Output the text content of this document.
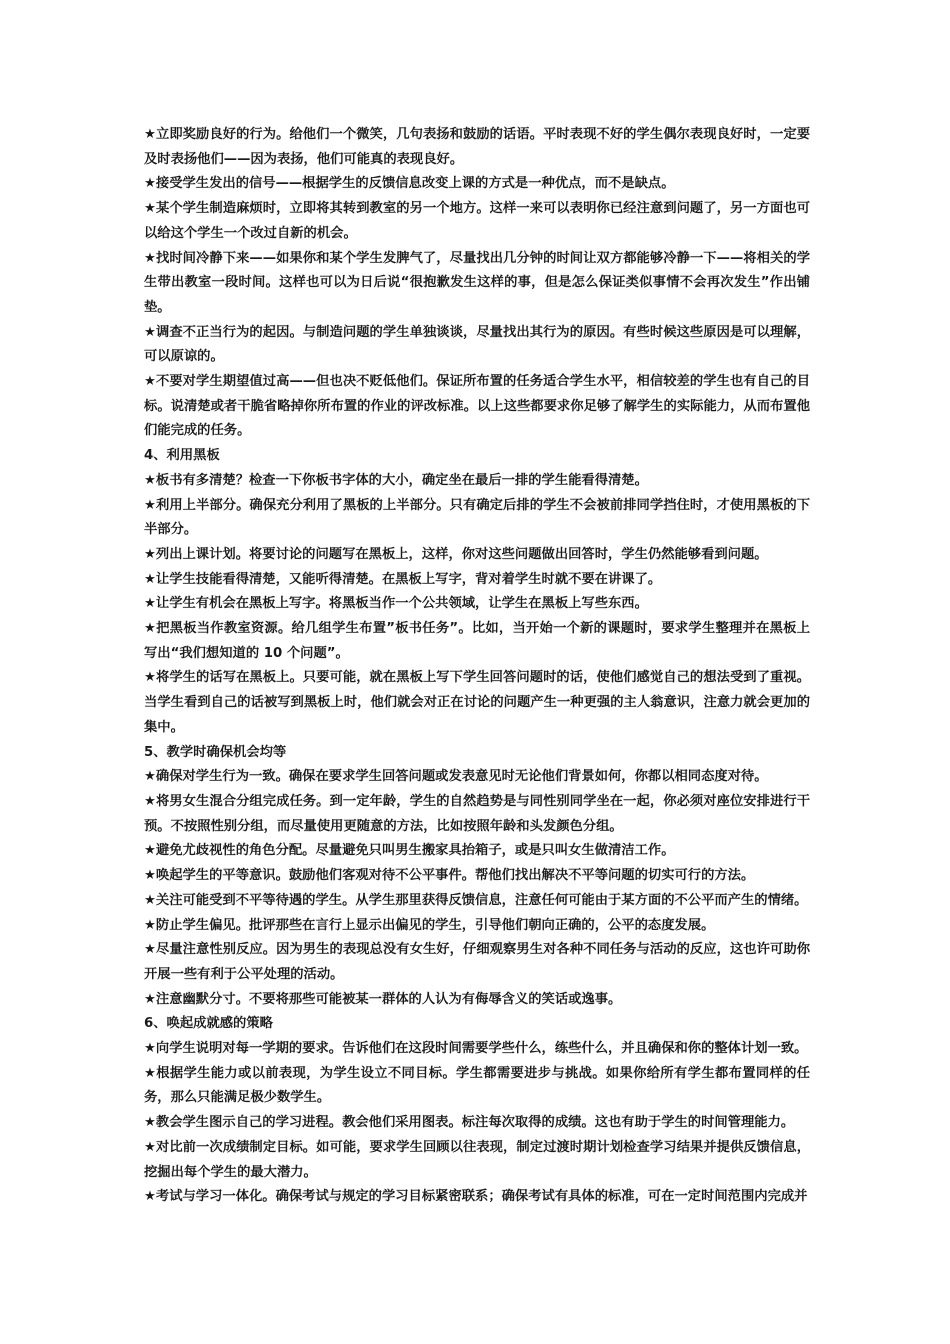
★立即奖励良好的行为。给他们一个微笑，几句表扬和鼓励的话语。平时表现不好的学生偶尔表现良好时，一定要及时表扬他们——因为表扬，他们可能真的表现良好。

★接受学生发出的信号——根据学生的反馈信息改变上课的方式是一种优点，而不是缺点。

★某个学生制造麻烦时，立即将其转到教室的另一个地方。这样一来可以表明你已经注意到问题了，另一方面也可以给这个学生一个改过自新的机会。

★找时间冷静下来——如果你和某个学生发脾气了，尽量找出几分钟的时间让双方都能够冷静一下——将相关的学生带出教室一段时间。这样也可以为日后说“很抱歉发生这样的事，但是怎么保证类似事情不会再次发生”作出铺垫。

★调查不正当行为的起因。与制造问题的学生单独谈谈，尽量找出其行为的原因。有些时候这些原因是可以理解，可以原谅的。

★不要对学生期望值过高——但也决不贬低他们。保证所布置的任务适合学生水平，相信较差的学生也有自己的目标。说清楚或者干脆省略掉你所布置的作业的评改标准。以上这些都要求你足够了解学生的实际能力，从而布置他们能完成的任务。

4、利用黑板

★板书有多清楚？检查一下你板书字体的大小，确定坐在最后一排的学生能看得清楚。

★利用上半部分。确保充分利用了黑板的上半部分。只有确定后排的学生不会被前排同学挡住时，才使用黑板的下半部分。

★列出上课计划。将要讨论的问题写在黑板上，这样，你对这些问题做出回答时，学生仍然能够看到问题。

★让学生技能看得清楚，又能听得清楚。在黑板上写字，背对着学生时就不要在讲课了。

★让学生有机会在黑板上写字。将黑板当作一个公共领域，让学生在黑板上写些东西。

★把黑板当作教室资源。给几组学生布置”板书任务”。比如，当开始一个新的课题时，要求学生整理并在黑板上写出“我们想知道的 10 个问题”。

★将学生的话写在黑板上。只要可能，就在黑板上写下学生回答问题时的话，使他们感觉自己的想法受到了重视。当学生看到自己的话被写到黑板上时，他们就会对正在讨论的问题产生一种更强的主人翁意识，注意力就会更加的集中。

5、教学时确保机会均等

★确保对学生行为一致。确保在要求学生回答问题或发表意见时无论他们背景如何，你都以相同态度对待。

★将男女生混合分组完成任务。到一定年龄，学生的自然趋势是与同性别同学坐在一起，你必须对座位安排进行干预。不按照性别分组，而尽量使用更随意的方法，比如按照年龄和头发颜色分组。

★避免尤歧视性的角色分配。尽量避免只叫男生搬家具抬箱子，或是只叫女生做清洁工作。

★唤起学生的平等意识。鼓励他们客观对待不公平事件。帮他们找出解决不平等问题的切实可行的方法。

★关注可能受到不平等待遇的学生。从学生那里获得反馈信息，注意任何可能由于某方面的不公平而产生的情绪。

★防止学生偏见。批评那些在言行上显示出偏见的学生，引导他们朝向正确的，公平的态度发展。

★尽量注意性别反应。因为男生的表现总没有女生好，仔细观察男生对各种不同任务与活动的反应，这也许可助你开展一些有利于公平处理的活动。

★注意幽默分寸。不要将那些可能被某一群体的人认为有侮辱含义的笑话或逸事。

6、唤起成就感的策略

★向学生说明对每一学期的要求。告诉他们在这段时间需要学些什么，练些什么，并且确保和你的整体计划一致。

★根据学生能力或以前表现，为学生设立不同目标。学生都需要进步与挑战。如果你给所有学生都布置同样的任务，那么只能满足极少数学生。

★教会学生图示自己的学习进程。教会他们采用图表。标注每次取得的成绩。这也有助于学生的时间管理能力。

★对比前一次成绩制定目标。如可能，要求学生回顾以往表现，制定过渡时期计划检查学习结果并提供反馈信息，挖掘出每个学生的最大潜力。

★考试与学习一体化。确保考试与规定的学习目标紧密联系；确保考试有具体的标准，可在一定时间范围内完成并
